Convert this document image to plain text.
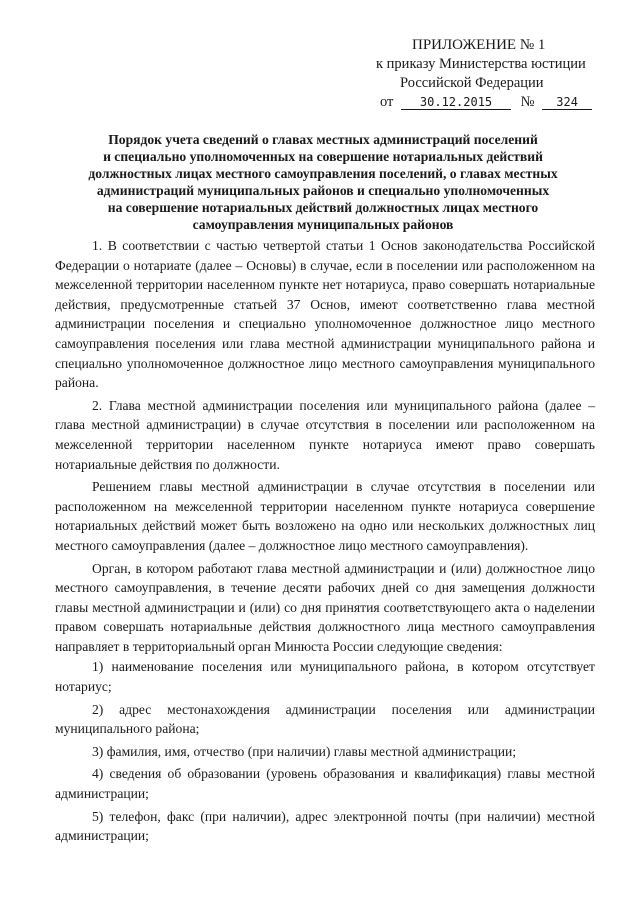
ПРИЛОЖЕНИЕ № 1
к приказу Министерства юстиции
Российской Федерации
от 30.12.2015 № 324
Порядок учета сведений о главах местных администраций поселений
и специально уполномоченных на совершение нотариальных действий
должностных лицах местного самоуправления поселений, о главах местных
администраций муниципальных районов и специально уполномоченных
на совершение нотариальных действий должностных лицах местного
самоуправления муниципальных районов

1. В соответствии с частью четвертой статьи 1 Основ законодательства Российской Федерации о нотариате (далее – Основы) в случае, если в поселении или расположенном на межселенной территории населенном пункте нет нотариуса, право совершать нотариальные действия, предусмотренные статьей 37 Основ, имеют соответственно глава местной администрации поселения и специально уполномоченное должностное лицо местного самоуправления поселения или глава местной администрации муниципального района и специально уполномоченное должностное лицо местного самоуправления муниципального района.

2. Глава местной администрации поселения или муниципального района (далее – глава местной администрации) в случае отсутствия в поселении или расположенном на межселенной территории населенном пункте нотариуса имеют право совершать нотариальные действия по должности.

Решением главы местной администрации в случае отсутствия в поселении или расположенном на межселенной территории населенном пункте нотариуса совершение нотариальных действий может быть возложено на одно или нескольких должностных лиц местного самоуправления (далее – должностное лицо местного самоуправления).

Орган, в котором работают глава местной администрации и (или) должностное лицо местного самоуправления, в течение десяти рабочих дней со дня замещения должности главы местной администрации и (или) со дня принятия соответствующего акта о наделении правом совершать нотариальные действия должностного лица местного самоуправления направляет в территориальный орган Минюста России следующие сведения:

1) наименование поселения или муниципального района, в котором отсутствует нотариус;

2) адрес местонахождения администрации поселения или администрации муниципального района;

3) фамилия, имя, отчество (при наличии) главы местной администрации;

4) сведения об образовании (уровень образования и квалификация) главы местной администрации;

5) телефон, факс (при наличии), адрес электронной почты (при наличии) местной администрации;
